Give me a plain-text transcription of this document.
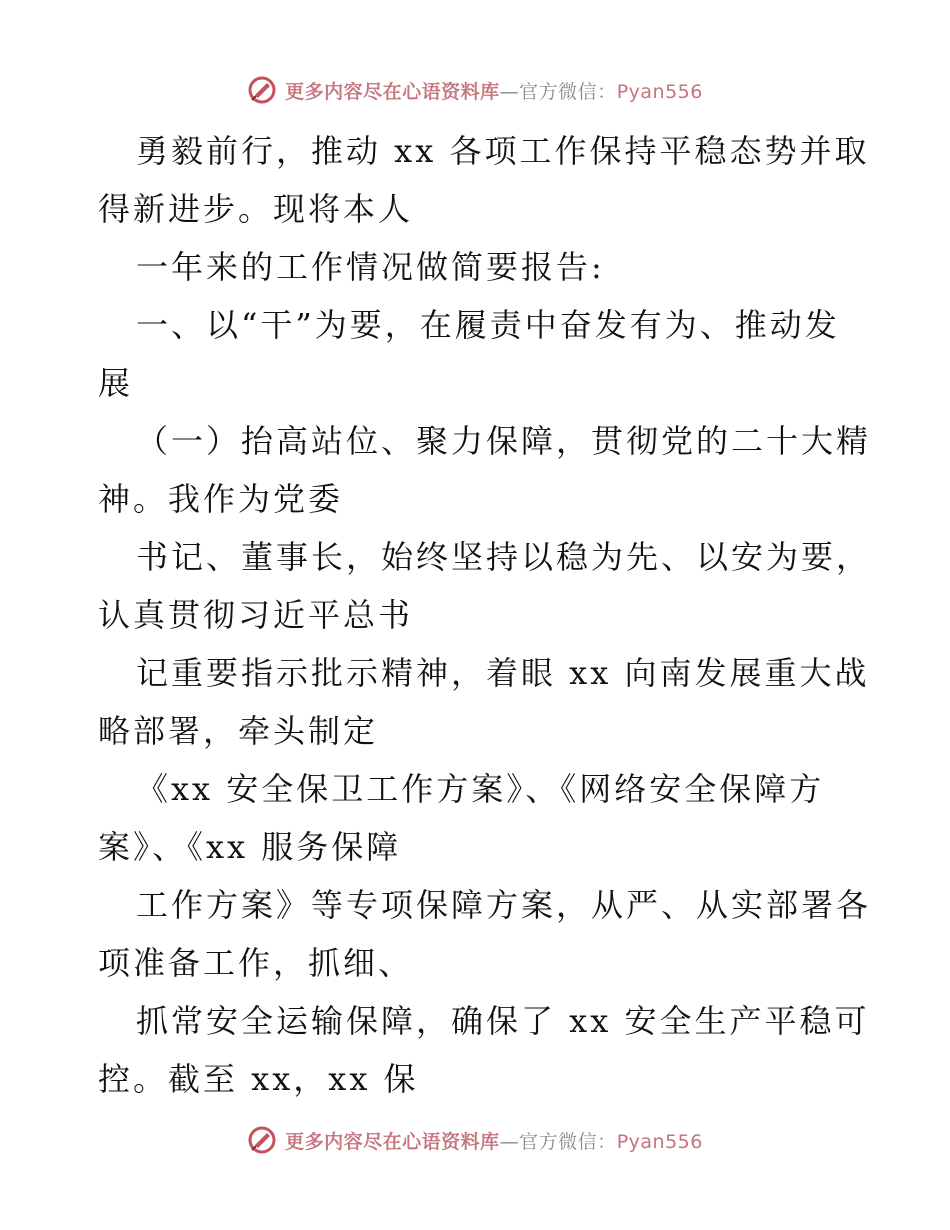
更多内容尽在心语资料库—官方微信：Pyan556
勇毅前行，推动 xx 各项工作保持平稳态势并取
得新进步。现将本人
一年来的工作情况做简要报告:
一、以“干”为要，在履责中奋发有为、推动发
展
（一）抬高站位、聚力保障，贯彻党的二十大精
神。我作为党委
书记、董事长，始终坚持以稳为先、以安为要，
认真贯彻习近平总书
记重要指示批示精神，着眼 xx 向南发展重大战
略部署，牵头制定
《xx 安全保卫工作方案》、《网络安全保障方
案》、《xx 服务保障
工作方案》等专项保障方案，从严、从实部署各
项准备工作，抓细、
抓常安全运输保障，确保了 xx 安全生产平稳可
控。截至 xx，xx 保
更多内容尽在心语资料库—官方微信：Pyan556
